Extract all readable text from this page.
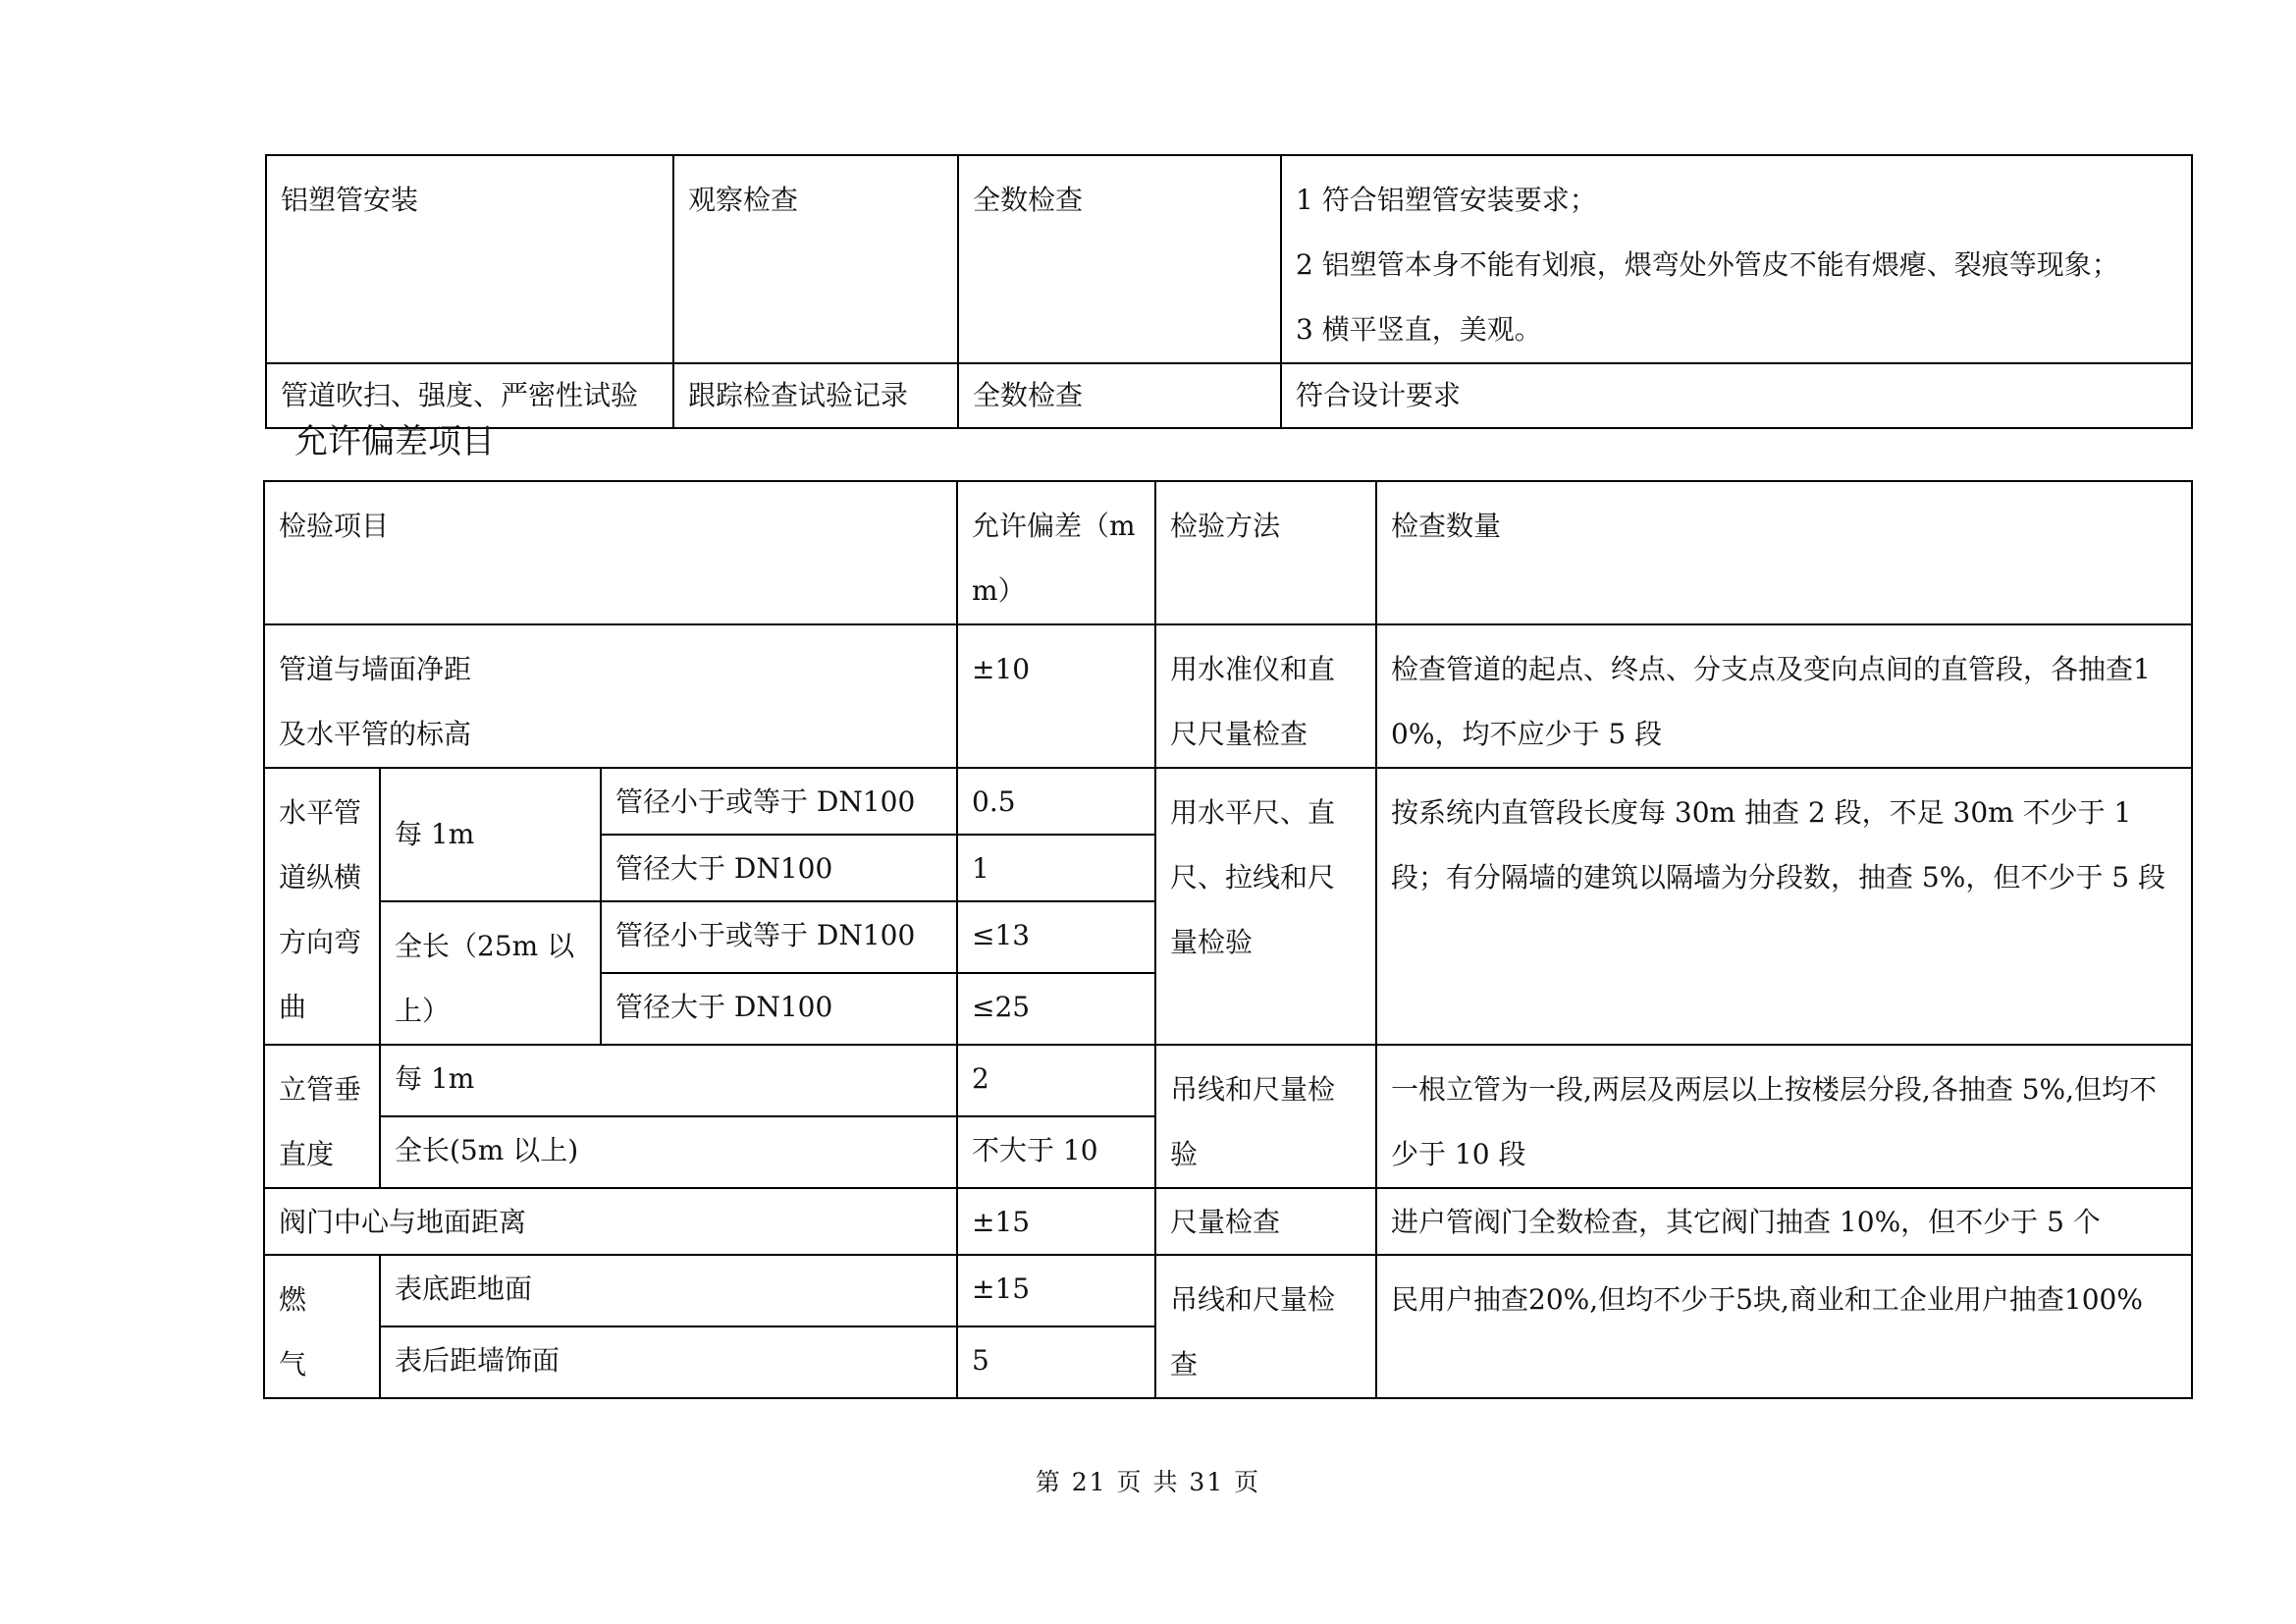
铝塑管安装	观察检查	全数检查	1 符合铝塑管安装要求；
2 铝塑管本身不能有划痕，煨弯处外管皮不能有煨瘪、裂痕等现象；
3 横平竖直，美观。

管道吹扫、强度、严密性试验	跟踪检查试验记录	全数检查	符合设计要求
允许偏差项目
检验项目			允许偏差（mm）	检验方法	检查数量

管道与墙面净距
及水平管的标高			±10	用水准仪和直尺尺量检查	检查管道的起点、终点、分支点及变向点间的直管段，各抽查10%，均不应少于 5 段
水平管道纵横方向弯曲	每 1m	管径小于或等于 DN100	0.5	用水平尺、直尺、拉线和尺量检验	按系统内直管段长度每 30m 抽查 2 段，不足 30m 不少于 1 段；有分隔墙的建筑以隔墙为分段数，抽查 5%，但不少于 5 段
		管径大于 DN100	1		
	全长（25m 以上）	管径小于或等于 DN100	≤13		
		管径大于 DN100	≤25		
立管垂直度	每 1m		2	吊线和尺量检验	一根立管为一段,两层及两层以上按楼层分段,各抽查 5%,但均不少于 10 段
	全长(5m 以上)		不大于 10		
阀门中心与地面距离			±15	尺量检查	进户管阀门全数检查，其它阀门抽查 10%，但不少于 5 个

燃
气	表底距地面		±15	吊线和尺量检查	民用户抽查20%,但均不少于5块,商业和工企业用户抽查100%
	表后距墙饰面		5		
第 21 页 共 31 页
